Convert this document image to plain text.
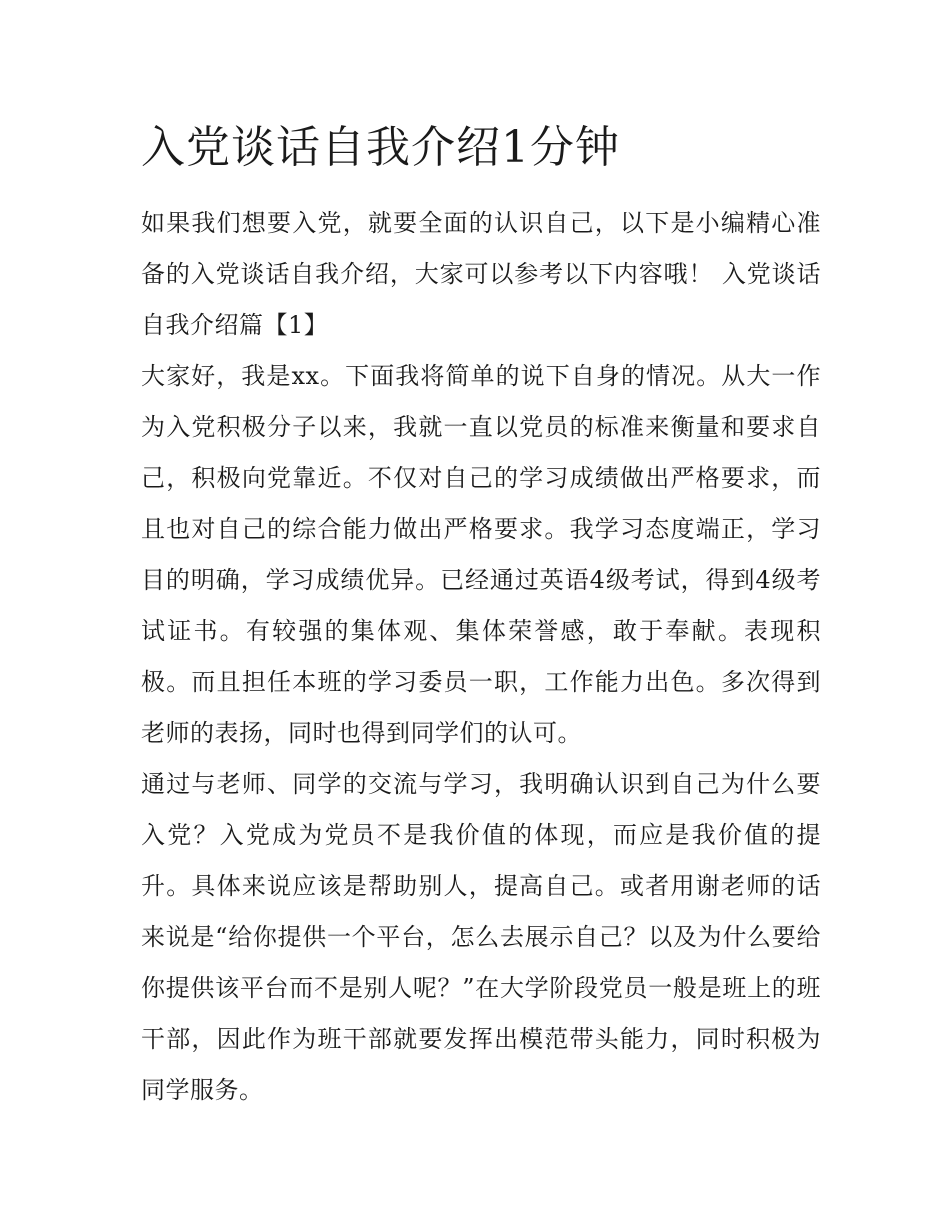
入党谈话自我介绍1分钟

如果我们想要入党，就要全面的认识自己，以下是小编精心准备的入党谈话自我介绍，大家可以参考以下内容哦！ 入党谈话自我介绍篇【1】

大家好，我是xx。下面我将简单的说下自身的情况。从大一作为入党积极分子以来，我就一直以党员的标准来衡量和要求自己，积极向党靠近。不仅对自己的学习成绩做出严格要求，而且也对自己的综合能力做出严格要求。我学习态度端正，学习目的明确，学习成绩优异。已经通过英语4级考试，得到4级考试证书。有较强的集体观、集体荣誉感，敢于奉献。表现积极。而且担任本班的学习委员一职，工作能力出色。多次得到老师的表扬，同时也得到同学们的认可。

通过与老师、同学的交流与学习，我明确认识到自己为什么要入党？入党成为党员不是我价值的体现，而应是我价值的提升。具体来说应该是帮助别人，提高自己。或者用谢老师的话来说是“给你提供一个平台，怎么去展示自己？以及为什么要给你提供该平台而不是别人呢？”在大学阶段党员一般是班上的班干部，因此作为班干部就要发挥出模范带头能力，同时积极为同学服务。
